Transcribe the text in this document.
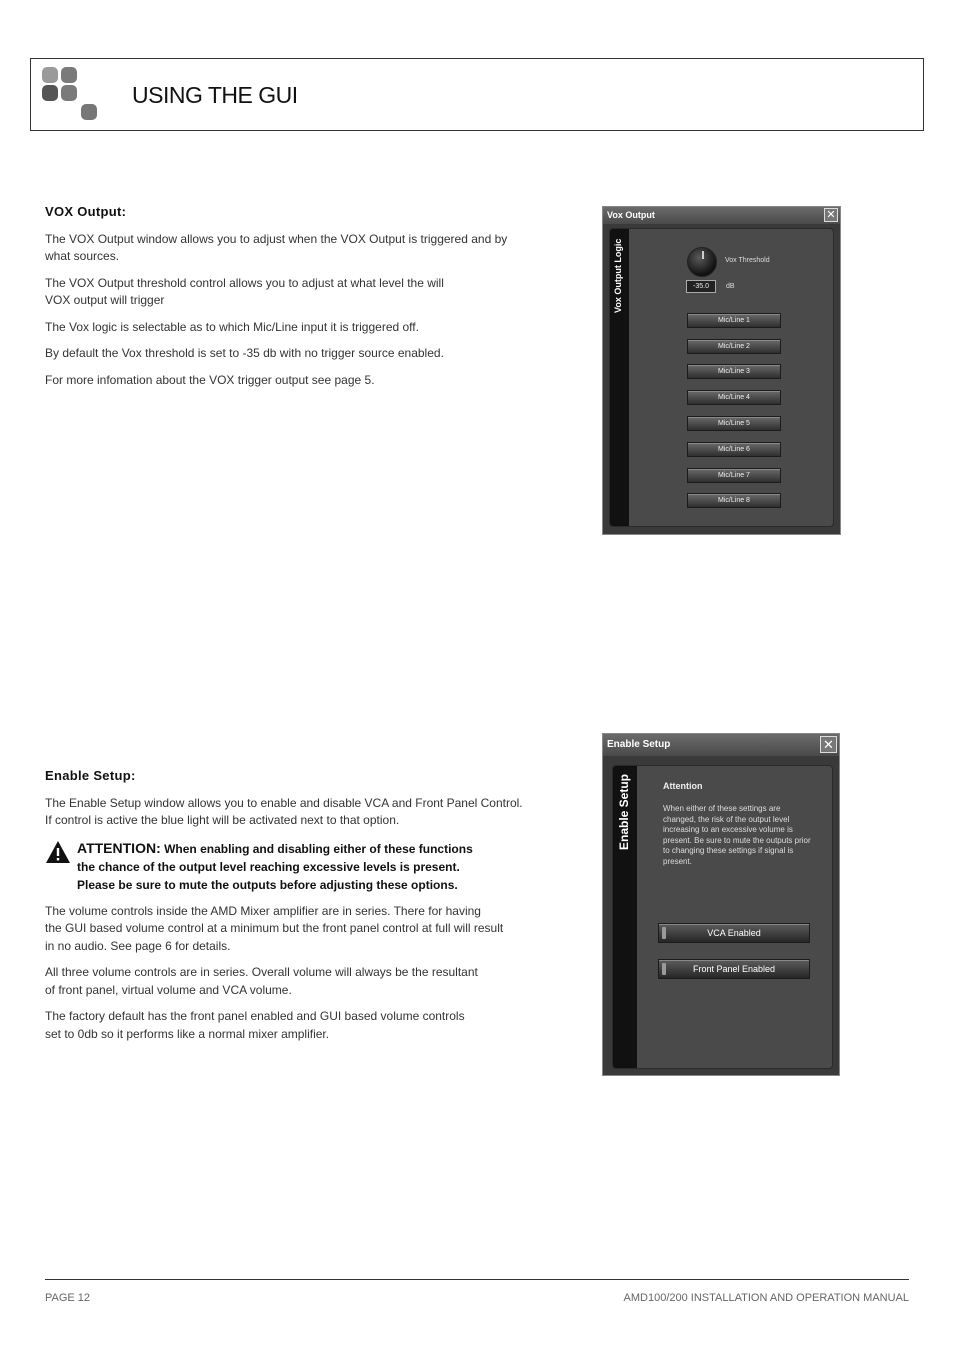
USING THE GUI
VOX Output:

The VOX Output window allows you to adjust when the VOX Output is triggered and by
what sources.

The VOX Output threshold control allows you to adjust at what level the will
VOX output will trigger

The Vox logic is selectable as to which Mic/Line input it is triggered off.

By default the Vox threshold is set to -35 db with no trigger source enabled.

For more infomation about the VOX trigger output see page 5.

Vox Output	✕
Vox Output Logic	Vox Threshold
-35.0	dB
Mic/Line 1
Mic/Line 2
Mic/Line 3
Mic/Line 4
Mic/Line 5
Mic/Line 6
Mic/Line 7
Mic/Line 8
Enable Setup:

The Enable Setup window allows you to enable and disable VCA and Front Panel Control.
If control is active the blue light will be activated next to that option.

ATTENTION: When enabling and disabling either of these functions
the chance of the output level reaching excessive levels is present.
Please be sure to mute the outputs before adjusting these options.

The volume controls inside the AMD Mixer amplifier are in series. There for having
the GUI based volume control at a minimum but the front panel control at full will result
in no audio. See page 6 for details.

All three volume controls are in series. Overall volume will always be the resultant
of front panel, virtual volume and VCA volume.

The factory default has the front panel enabled and GUI based volume controls
set to 0db so it performs like a normal mixer amplifier.

Enable Setup	✕
Enable Setup	Attention
When either of these settings are changed, the risk of the output level increasing to an excessive volume is present. Be sure to mute the outputs prior to changing these settings if signal is present.
VCA Enabled
Front Panel Enabled
PAGE 12	AMD100/200 INSTALLATION AND OPERATION MANUAL
